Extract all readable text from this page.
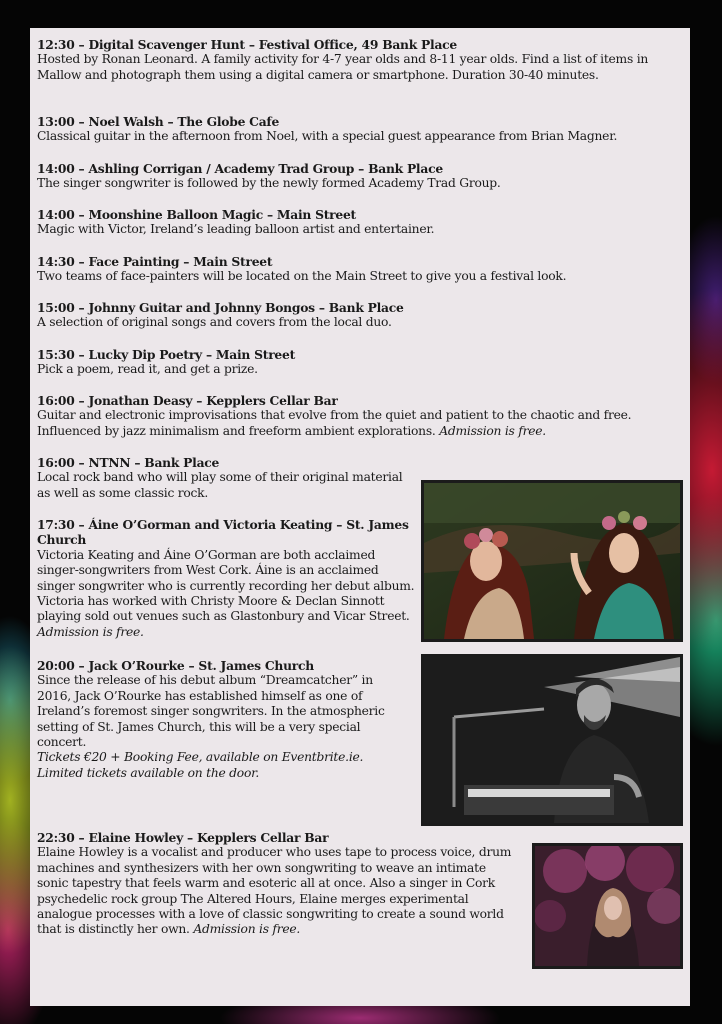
12:30 – Digital Scavenger Hunt – Festival Office, 49 Bank Place
Hosted by Ronan Leonard. A family activity for 4-7 year olds and 8-11 year olds. Find a list of items in Mallow and photograph them using a digital camera or smartphone. Duration 30-40 minutes.
13:00 – Noel Walsh – The Globe Cafe
Classical guitar in the afternoon from Noel, with a special guest appearance from Brian Magner.
14:00 – Ashling Corrigan / Academy Trad Group – Bank Place
The singer songwriter is followed by the newly formed Academy Trad Group.
14:00 – Moonshine Balloon Magic – Main Street
Magic with Victor, Ireland’s leading balloon artist and entertainer.
14:30 – Face Painting – Main Street
Two teams of face-painters will be located on the Main Street to give you a festival look.
15:00 – Johnny Guitar and Johnny Bongos – Bank Place
A selection of original songs and covers from the local duo.
15:30 – Lucky Dip Poetry – Main Street
Pick a poem, read it, and get a prize.
16:00 – Jonathan Deasy – Kepplers Cellar Bar
Guitar and electronic improvisations that evolve from the quiet and patient to the chaotic and free. Influenced by jazz minimalism and freeform ambient explorations. Admission is free.
16:00 – NTNN – Bank Place
Local rock band who will play some of their original material as well as some classic rock.
17:30 – Áine O’Gorman and Victoria Keating – St. James Church
Victoria Keating and Áine O’Gorman are both acclaimed singer-songwriters from West Cork. Áine is an acclaimed singer songwriter who is currently recording her debut album. Victoria has worked with Christy Moore & Declan Sinnott playing sold out venues such as Glastonbury and Vicar Street. Admission is free.
20:00 – Jack O’Rourke – St. James Church
Since the release of his debut album “Dreamcatcher” in 2016, Jack O’Rourke has established himself as one of Ireland’s foremost singer songwriters. In the atmospheric setting of St. James Church, this will be a very special concert.
Tickets €20 + Booking Fee, available on Eventbrite.ie. Limited tickets available on the door.
22:30 – Elaine Howley – Kepplers Cellar Bar
Elaine Howley is a vocalist and producer who uses tape to process voice, drum machines and synthesizers with her own songwriting to weave an intimate sonic tapestry that feels warm and esoteric all at once. Also a singer in Cork psychedelic rock group The Altered Hours, Elaine merges experimental analogue processes with a love of classic songwriting to create a sound world that is distinctly her own. Admission is free.
